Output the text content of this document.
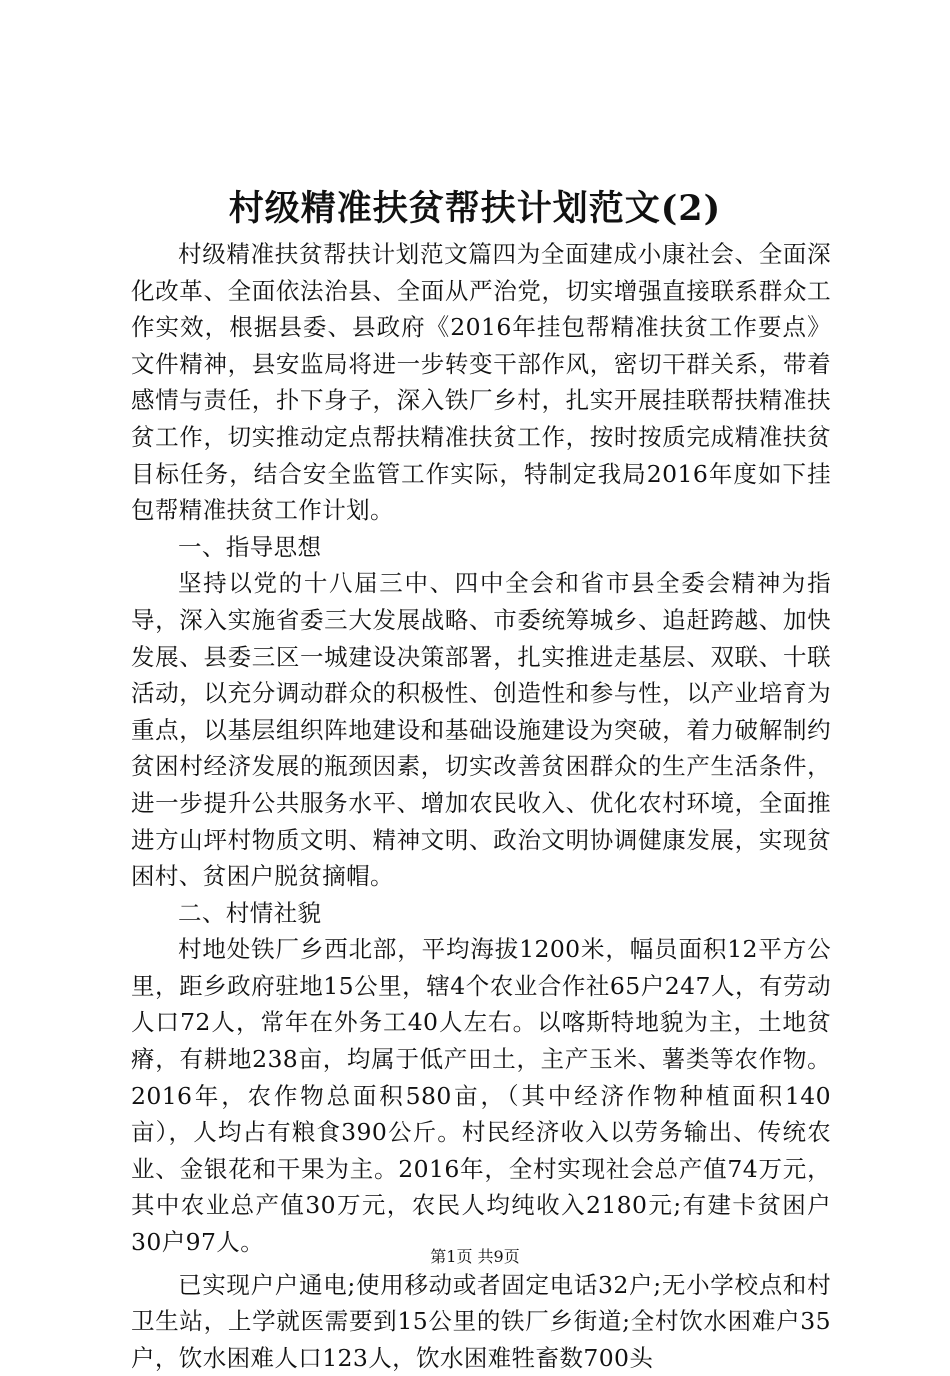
村级精准扶贫帮扶计划范文(2)

村级精准扶贫帮扶计划范文篇四为全面建成小康社会、全面深化改革、全面依法治县、全面从严治党，切实增强直接联系群众工作实效，根据县委、县政府《2016年挂包帮精准扶贫工作要点》文件精神，县安监局将进一步转变干部作风，密切干群关系，带着感情与责任，扑下身子，深入铁厂乡村，扎实开展挂联帮扶精准扶贫工作，切实推动定点帮扶精准扶贫工作，按时按质完成精准扶贫目标任务，结合安全监管工作实际，特制定我局2016年度如下挂包帮精准扶贫工作计划。

一、指导思想

坚持以党的十八届三中、四中全会和省市县全委会精神为指导，深入实施省委三大发展战略、市委统筹城乡、追赶跨越、加快发展、县委三区一城建设决策部署，扎实推进走基层、双联、十联活动，以充分调动群众的积极性、创造性和参与性，以产业培育为重点，以基层组织阵地建设和基础设施建设为突破，着力破解制约贫困村经济发展的瓶颈因素，切实改善贫困群众的生产生活条件，进一步提升公共服务水平、增加农民收入、优化农村环境，全面推进方山坪村物质文明、精神文明、政治文明协调健康发展，实现贫困村、贫困户脱贫摘帽。

二、村情社貌

村地处铁厂乡西北部，平均海拔1200米，幅员面积12平方公里，距乡政府驻地15公里，辖4个农业合作社65户247人，有劳动人口72人，常年在外务工40人左右。以喀斯特地貌为主，土地贫瘠，有耕地238亩，均属于低产田土，主产玉米、薯类等农作物。2016年，农作物总面积580亩，（其中经济作物种植面积140亩），人均占有粮食390公斤。村民经济收入以劳务输出、传统农业、金银花和干果为主。2016年，全村实现社会总产值74万元，其中农业总产值30万元，农民人均纯收入2180元;有建卡贫困户30户97人。

已实现户户通电;使用移动或者固定电话32户;无小学校点和村卫生站，上学就医需要到15公里的铁厂乡街道;全村饮水困难户35户，饮水困难人口123人，饮水困难牲畜数700头

第1页 共9页
